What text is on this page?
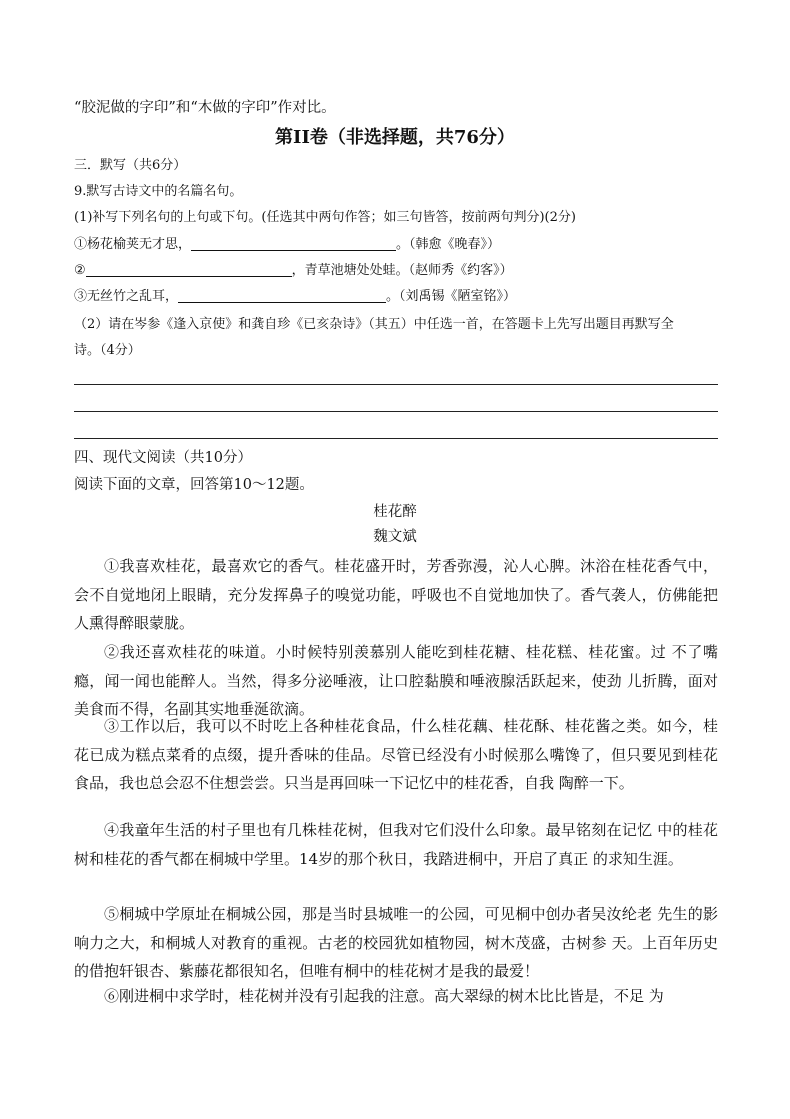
“胶泥做的字印”和“木做的字印”作对比。
第II卷（非选择题，共76分）
三．默写（共6分）
9.默写古诗文中的名篇名句。
(1)补写下列名句的上句或下句。(任选其中两句作答；如三句皆答，按前两句判分)(2分)
①杨花榆荚无才思，	。（韩愈《晚春》）
②	，青草池塘处处蛙。（赵师秀《约客》）
③无丝竹之乱耳，	。（刘禹锡《陋室铭》）
（2）请在岑参《逢入京使》和龚自珍《已亥杂诗》（其五）中任选一首，在答题卡上先写出题目再默写全
诗。（4分）
四、现代文阅读（共10分）
阅读下面的文章，回答第10～12题。
桂花醉
魏文斌

①我喜欢桂花，最喜欢它的香气。桂花盛开时，芳香弥漫，沁人心脾。沐浴在桂花香气中，会不自觉地闭上眼睛，充分发挥鼻子的嗅觉功能，呼吸也不自觉地加快了。香气袭人，仿佛能把人熏得醉眼蒙胧。

②我还喜欢桂花的味道。小时候特别羡慕别人能吃到桂花糖、桂花糕、桂花蜜。过 不了嘴瘾，闻一闻也能醉人。当然，得多分泌唾液，让口腔黏膜和唾液腺活跃起来，使劲 儿折腾，面对美食而不得，名副其实地垂涎欲滴。

③工作以后，我可以不时吃上各种桂花食品，什么桂花藕、桂花酥、桂花酱之类。如今，桂花已成为糕点菜肴的点缀，提升香味的佳品。尽管已经没有小时候那么嘴馋了，但只要见到桂花食品，我也总会忍不住想尝尝。只当是再回味一下记忆中的桂花香，自我 陶醉一下。

④我童年生活的村子里也有几株桂花树，但我对它们没什么印象。最早铭刻在记忆 中的桂花树和桂花的香气都在桐城中学里。14岁的那个秋日，我踏进桐中，开启了真正 的求知生涯。

⑤桐城中学原址在桐城公园，那是当时县城唯一的公园，可见桐中创办者吴汝纶老 先生的影响力之大，和桐城人对教育的重视。古老的校园犹如植物园，树木茂盛，古树参 天。上百年历史的借抱轩银杏、紫藤花都很知名，但唯有桐中的桂花树才是我的最爱！

⑥刚进桐中求学时，桂花树并没有引起我的注意。高大翠绿的树木比比皆是，不足 为
